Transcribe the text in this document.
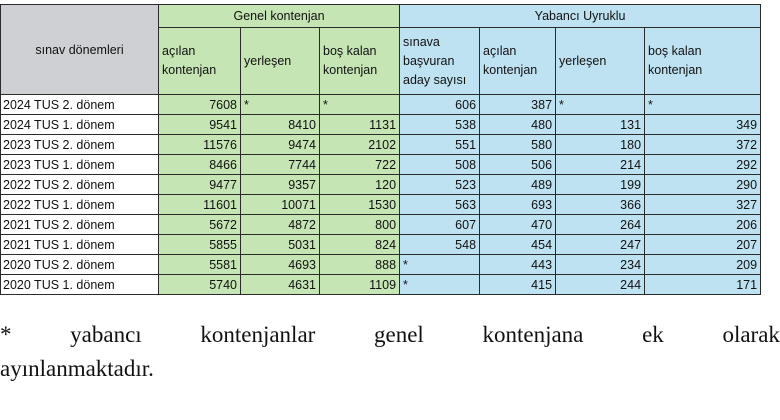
sınav dönemleri	Genel kontenjan			Yabancı Uyruklu			
	açılan kontenjan	yerleşen	boş kalan kontenjan	sınava başvuran aday sayısı	açılan kontenjan	yerleşen	boş kalan kontenjan
2024 TUS 2. dönem	7608	*	*	606	387	*	*
2024 TUS 1. dönem	9541	8410	1131	538	480	131	349
2023 TUS 2. dönem	11576	9474	2102	551	580	180	372
2023 TUS 1. dönem	8466	7744	722	508	506	214	292
2022 TUS 2. dönem	9477	9357	120	523	489	199	290
2022 TUS 1. dönem	11601	10071	1530	563	693	366	327
2021 TUS 2. dönem	5672	4872	800	607	470	264	206
2021 TUS 1. dönem	5855	5031	824	548	454	247	207
2020 TUS 2. dönem	5581	4693	888	*	443	234	209
2020 TUS 1. dönem	5740	4631	1109	*	415	244	171
*	yabancı	kontenjanlar	genel	kontenjana	ek	olarak
ayınlanmaktadır.
